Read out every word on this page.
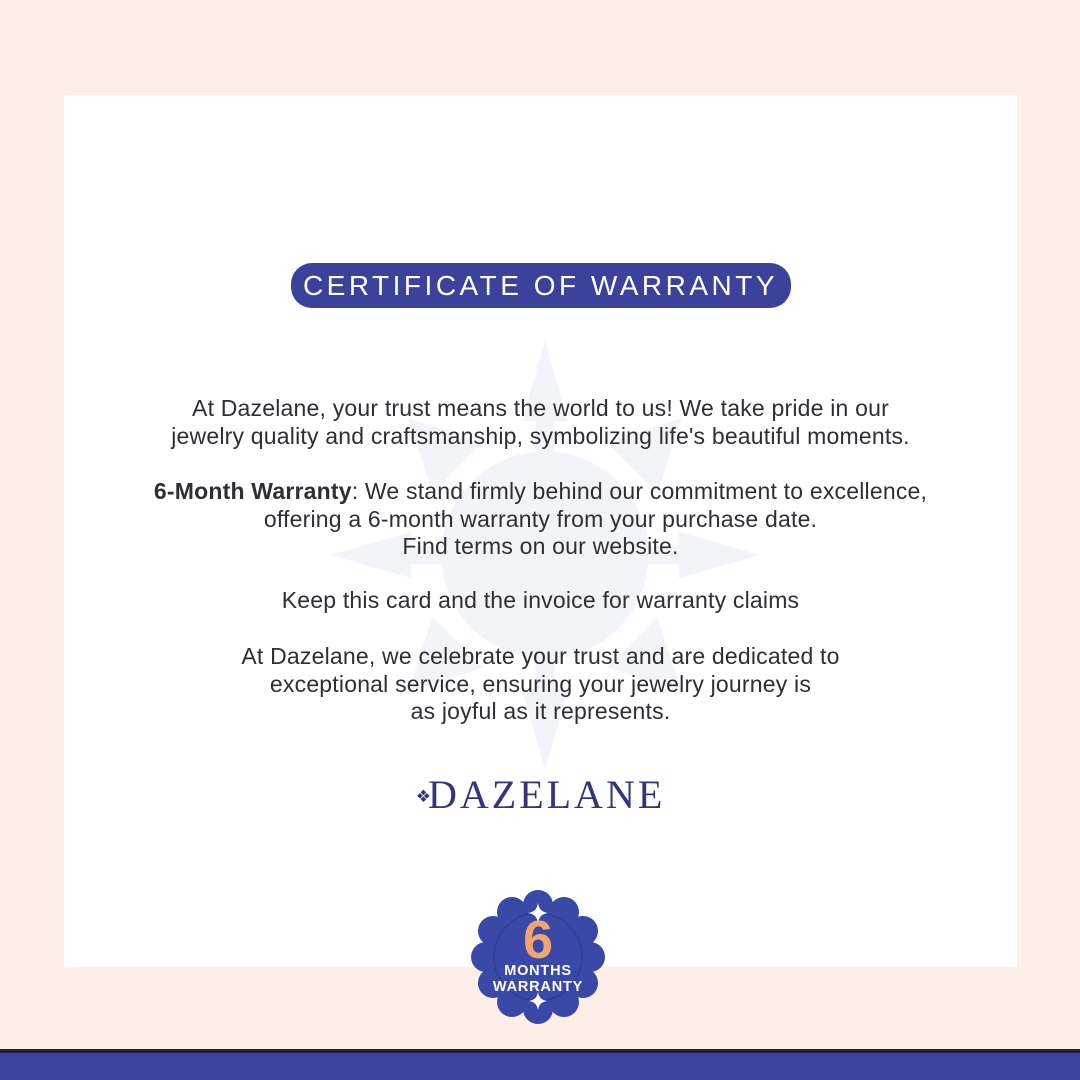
CERTIFICATE OF WARRANTY
At Dazelane, your trust means the world to us! We take pride in our
jewelry quality and craftsmanship, symbolizing life's beautiful moments.
6-Month Warranty: We stand firmly behind our commitment to excellence,
offering a 6-month warranty from your purchase date.
Find terms on our website.
Keep this card and the invoice for warranty claims
At Dazelane, we celebrate your trust and are dedicated to
exceptional service, ensuring your jewelry journey is
as joyful as it represents.
❖DAZELANE
6
MONTHS
WARRANTY
